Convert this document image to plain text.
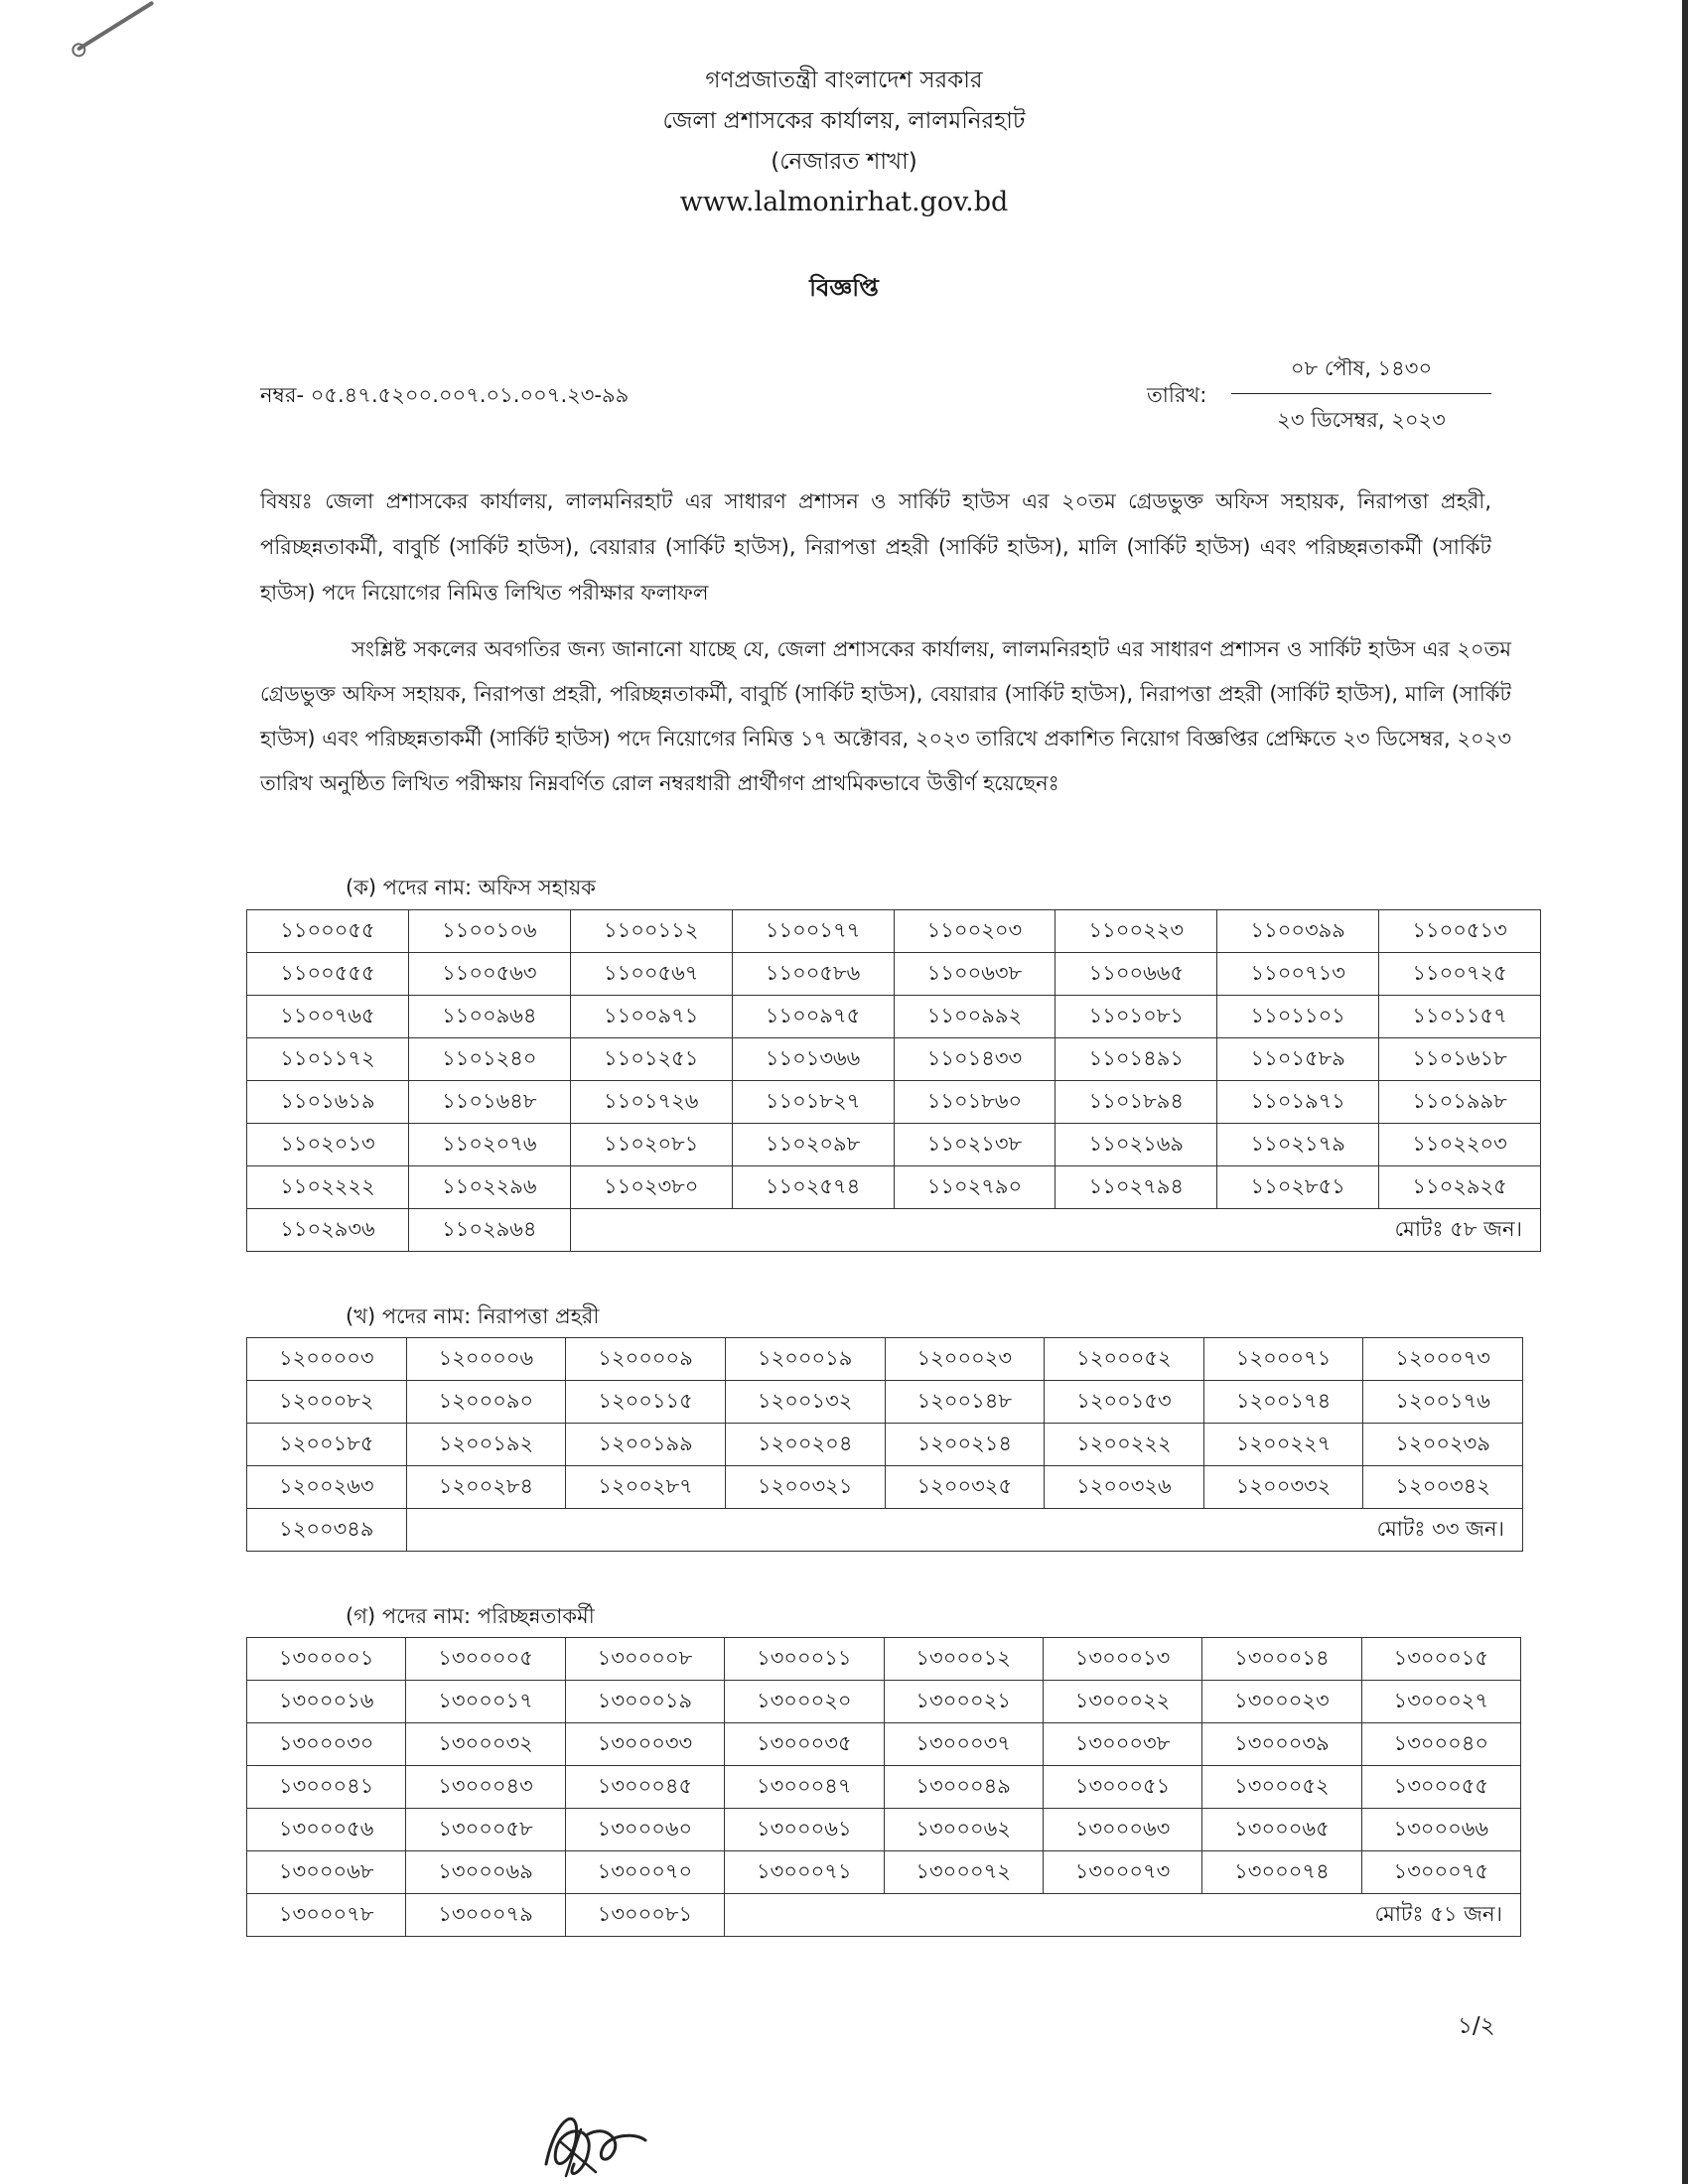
গণপ্রজাতন্ত্রী বাংলাদেশ সরকার
জেলা প্রশাসকের কার্যালয়, লালমনিরহাট
(নেজারত শাখা)
www.lalmonirhat.gov.bd
বিজ্ঞপ্তি
নম্বর- ০৫.৪৭.৫২০০.০০৭.০১.০০৭.২৩-৯৯	তারিখ:
০৮ পৌষ, ১৪৩০
২৩ ডিসেম্বর, ২০২৩
বিষয়ঃ জেলা প্রশাসকের কার্যালয়, লালমনিরহাট এর সাধারণ প্রশাসন ও সার্কিট হাউস এর ২০তম গ্রেডভুক্ত অফিস সহায়ক, নিরাপত্তা প্রহরী, পরিচ্ছন্নতাকর্মী, বাবুর্চি (সার্কিট হাউস), বেয়ারার (সার্কিট হাউস), নিরাপত্তা প্রহরী (সার্কিট হাউস), মালি (সার্কিট হাউস) এবং পরিচ্ছন্নতাকর্মী (সার্কিট হাউস) পদে নিয়োগের নিমিত্ত লিখিত পরীক্ষার ফলাফল
সংশ্লিষ্ট সকলের অবগতির জন্য জানানো যাচ্ছে যে, জেলা প্রশাসকের কার্যালয়, লালমনিরহাট এর সাধারণ প্রশাসন ও সার্কিট হাউস এর ২০তম গ্রেডভুক্ত অফিস সহায়ক, নিরাপত্তা প্রহরী, পরিচ্ছন্নতাকর্মী, বাবুর্চি (সার্কিট হাউস), বেয়ারার (সার্কিট হাউস), নিরাপত্তা প্রহরী (সার্কিট হাউস), মালি (সার্কিট হাউস) এবং পরিচ্ছন্নতাকর্মী (সার্কিট হাউস) পদে নিয়োগের নিমিত্ত ১৭ অক্টোবর, ২০২৩ তারিখে প্রকাশিত নিয়োগ বিজ্ঞপ্তির প্রেক্ষিতে ২৩ ডিসেম্বর, ২০২৩ তারিখ অনুষ্ঠিত লিখিত পরীক্ষায় নিম্নবর্ণিত রোল নম্বরধারী প্রার্থীগণ প্রাথমিকভাবে উত্তীর্ণ হয়েছেনঃ
(ক) পদের নাম: অফিস সহায়ক
১১০০০৫৫	১১০০১০৬	১১০০১১২	১১০০১৭৭	১১০০২০৩	১১০০২২৩	১১০০৩৯৯	১১০০৫১৩
১১০০৫৫৫	১১০০৫৬৩	১১০০৫৬৭	১১০০৫৮৬	১১০০৬৩৮	১১০০৬৬৫	১১০০৭১৩	১১০০৭২৫
১১০০৭৬৫	১১০০৯৬৪	১১০০৯৭১	১১০০৯৭৫	১১০০৯৯২	১১০১০৮১	১১০১১০১	১১০১১৫৭
১১০১১৭২	১১০১২৪০	১১০১২৫১	১১০১৩৬৬	১১০১৪৩৩	১১০১৪৯১	১১০১৫৮৯	১১০১৬১৮
১১০১৬১৯	১১০১৬৪৮	১১০১৭২৬	১১০১৮২৭	১১০১৮৬০	১১০১৮৯৪	১১০১৯৭১	১১০১৯৯৮
১১০২০১৩	১১০২০৭৬	১১০২০৮১	১১০২০৯৮	১১০২১৩৮	১১০২১৬৯	১১০২১৭৯	১১০২২০৩
১১০২২২২	১১০২২৯৬	১১০২৩৮০	১১০২৫৭৪	১১০২৭৯০	১১০২৭৯৪	১১০২৮৫১	১১০২৯২৫
১১০২৯৩৬	১১০২৯৬৪	মোটঃ ৫৮ জন।					
(খ) পদের নাম: নিরাপত্তা প্রহরী
১২০০০০৩	১২০০০০৬	১২০০০০৯	১২০০০১৯	১২০০০২৩	১২০০০৫২	১২০০০৭১	১২০০০৭৩
১২০০০৮২	১২০০০৯০	১২০০১১৫	১২০০১৩২	১২০০১৪৮	১২০০১৫৩	১২০০১৭৪	১২০০১৭৬
১২০০১৮৫	১২০০১৯২	১২০০১৯৯	১২০০২০৪	১২০০২১৪	১২০০২২২	১২০০২২৭	১২০০২৩৯
১২০০২৬৩	১২০০২৮৪	১২০০২৮৭	১২০০৩২১	১২০০৩২৫	১২০০৩২৬	১২০০৩৩২	১২০০৩৪২
১২০০৩৪৯	মোটঃ ৩৩ জন।						
(গ) পদের নাম: পরিচ্ছন্নতাকর্মী
১৩০০০০১	১৩০০০০৫	১৩০০০০৮	১৩০০০১১	১৩০০০১২	১৩০০০১৩	১৩০০০১৪	১৩০০০১৫
১৩০০০১৬	১৩০০০১৭	১৩০০০১৯	১৩০০০২০	১৩০০০২১	১৩০০০২২	১৩০০০২৩	১৩০০০২৭
১৩০০০৩০	১৩০০০৩২	১৩০০০৩৩	১৩০০০৩৫	১৩০০০৩৭	১৩০০০৩৮	১৩০০০৩৯	১৩০০০৪০
১৩০০০৪১	১৩০০০৪৩	১৩০০০৪৫	১৩০০০৪৭	১৩০০০৪৯	১৩০০০৫১	১৩০০০৫২	১৩০০০৫৫
১৩০০০৫৬	১৩০০০৫৮	১৩০০০৬০	১৩০০০৬১	১৩০০০৬২	১৩০০০৬৩	১৩০০০৬৫	১৩০০০৬৬
১৩০০০৬৮	১৩০০০৬৯	১৩০০০৭০	১৩০০০৭১	১৩০০০৭২	১৩০০০৭৩	১৩০০০৭৪	১৩০০০৭৫
১৩০০০৭৮	১৩০০০৭৯	১৩০০০৮১	মোটঃ ৫১ জন।				
১/২
